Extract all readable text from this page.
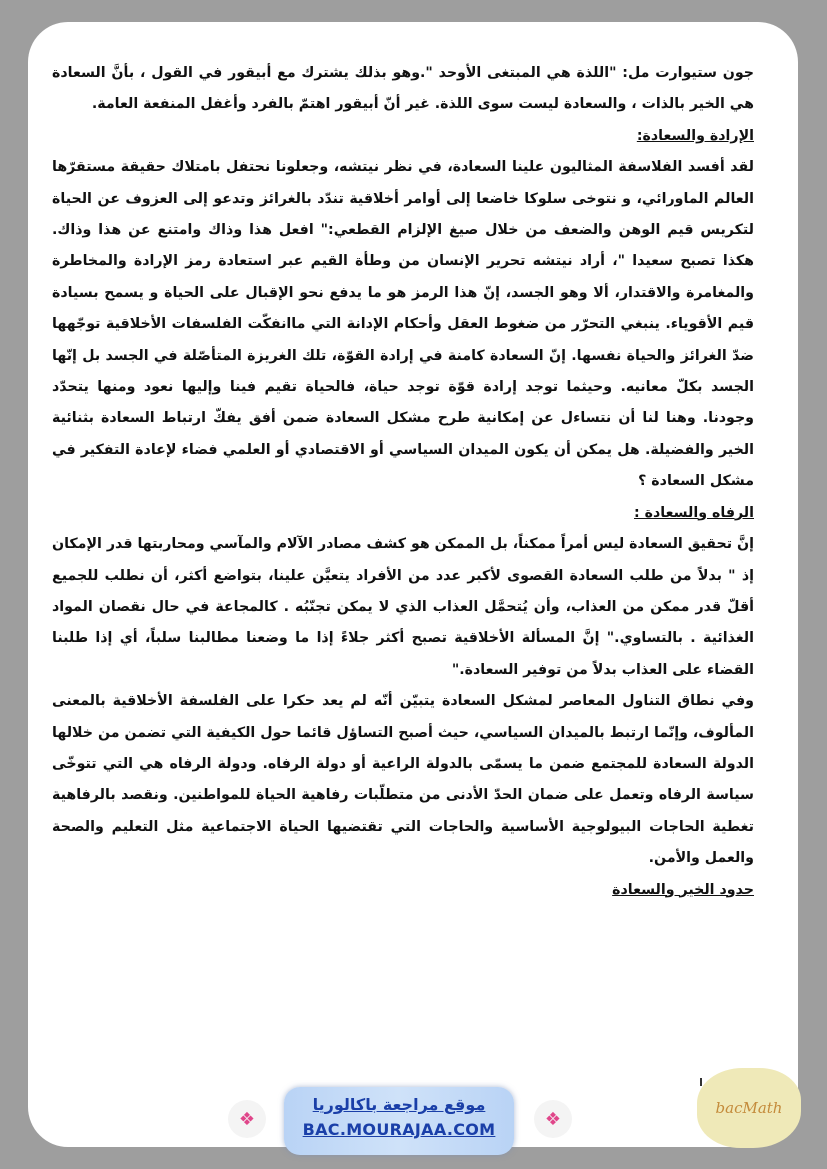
جون ستيوارت مل: "اللذة هي المبتغى الأوحد ".وهو بذلك يشترك مع أبيقور في القول ، بأنَّ السعادة هي الخير بالذات ، والسعادة ليست سوى اللذة. غير أنّ أبيقور اهتمّ بالفرد وأغفل المنفعة العامة.

الإرادة والسعادة:

لقد أفسد الفلاسفة المثاليون علينا السعادة، في نظر نيتشه، وجعلونا نحتفل بامتلاك حقيقة مستقرّها العالم الماورائي، و نتوخى سلوكا خاضعا إلى أوامر أخلاقية تندّد بالغرائز وتدعو إلى العزوف عن الحياة لتكريس قيم الوهن والضعف من خلال صيغ الإلزام القطعي:" افعل هذا وذاك وامتنع عن هذا وذاك. هكذا تصبح سعيدا "، أراد نيتشه تحرير الإنسان من وطأة القيم عبر استعادة رمز الإرادة والمخاطرة والمغامرة والاقتدار، ألا وهو الجسد، إنّ هذا الرمز هو ما يدفع نحو الإقبال على الحياة و يسمح بسيادة قيم الأقوياء. ينبغي التحرّر من ضغوط العقل وأحكام الإدانة التي ماانفكّت الفلسفات الأخلاقية توجّهها ضدّ الغرائز والحياة نفسها. إنّ السعادة كامنة في إرادة القوّة، تلك الغريزة المتأصّلة في الجسد بل إنّها الجسد بكلّ معانيه. وحيثما توجد إرادة قوّة توجد حياة، فالحياة تقيم فينا وإليها نعود ومنها يتحدّد وجودنا. وهنا لنا أن نتساءل عن إمكانية طرح مشكل السعادة ضمن أفق يفكّ ارتباط السعادة بثنائية الخير والفضيلة. هل يمكن أن يكون الميدان السياسي أو الاقتصادي أو العلمي فضاء لإعادة التفكير في مشكل السعادة ؟

الرفاه والسعادة :

إنَّ تحقيق السعادة ليس أمراً ممكناً، بل الممكن هو كشف مصادر الآلام والمآسي ومحاربتها قدر الإمكان إذ " بدلاً من طلب السعادة القصوى لأكبر عدد من الأفراد يتعيَّن علينا، بتواضع أكثر، أن نطلب للجميع أقلّ قدر ممكن من العذاب، وأن يُتحمَّل العذاب الذي لا يمكن تجنّبُه . كالمجاعة في حال نقصان المواد الغذائية . بالتساوي." إنَّ المسألة الأخلاقية تصبح أكثر جلاءً إذا ما وضعنا مطالبنا سلباً، أي إذا طلبنا القضاء على العذاب بدلاً من توفير السعادة."

وفي نطاق التناول المعاصر لمشكل السعادة يتبيّن أنّه لم يعد حكرا على الفلسفة الأخلاقية بالمعنى المألوف، وإنّما ارتبط بالميدان السياسي، حيث أصبح التساؤل قائما حول الكيفية التي تضمن من خلالها الدولة السعادة للمجتمع ضمن ما يسمّى بالدولة الراعية أو دولة الرفاه. ودولة الرفاه هي التي تتوخّى سياسة الرفاه وتعمل على ضمان الحدّ الأدنى من متطلّبات رفاهية الحياة للمواطنين. ونقصد بالرفاهية تغطية الحاجات البيولوجية الأساسية والحاجات التي تقتضيها الحياة الاجتماعية مثل التعليم والصحة والعمل والأمن.

حدود الخير والسعادة
❖
موقع مراجعة باكالوريا
BAC.MOURAJAA.COM	❖
bacMath
